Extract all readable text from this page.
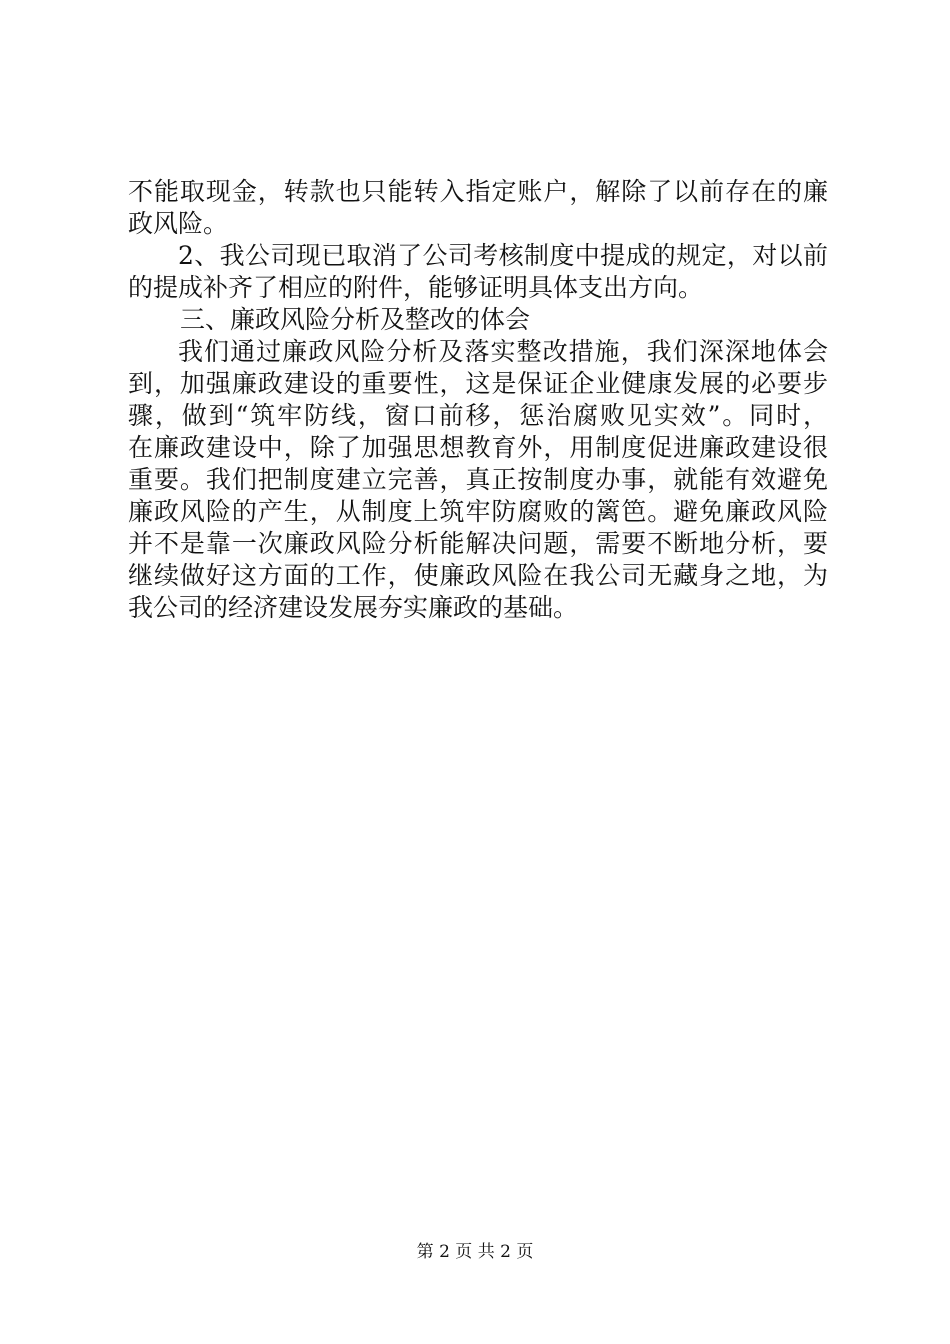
不能取现金，转款也只能转入指定账户，解除了以前存在的廉
政风险。
2、我公司现已取消了公司考核制度中提成的规定，对以前
的提成补齐了相应的附件，能够证明具体支出方向。
三、廉政风险分析及整改的体会
我们通过廉政风险分析及落实整改措施，我们深深地体会
到，加强廉政建设的重要性，这是保证企业健康发展的必要步
骤，做到“筑牢防线，窗口前移，惩治腐败见实效”。同时，
在廉政建设中，除了加强思想教育外，用制度促进廉政建设很
重要。我们把制度建立完善，真正按制度办事，就能有效避免
廉政风险的产生，从制度上筑牢防腐败的篱笆。避免廉政风险
并不是靠一次廉政风险分析能解决问题，需要不断地分析，要
继续做好这方面的工作，使廉政风险在我公司无藏身之地，为
我公司的经济建设发展夯实廉政的基础。
第 2 页 共 2 页
